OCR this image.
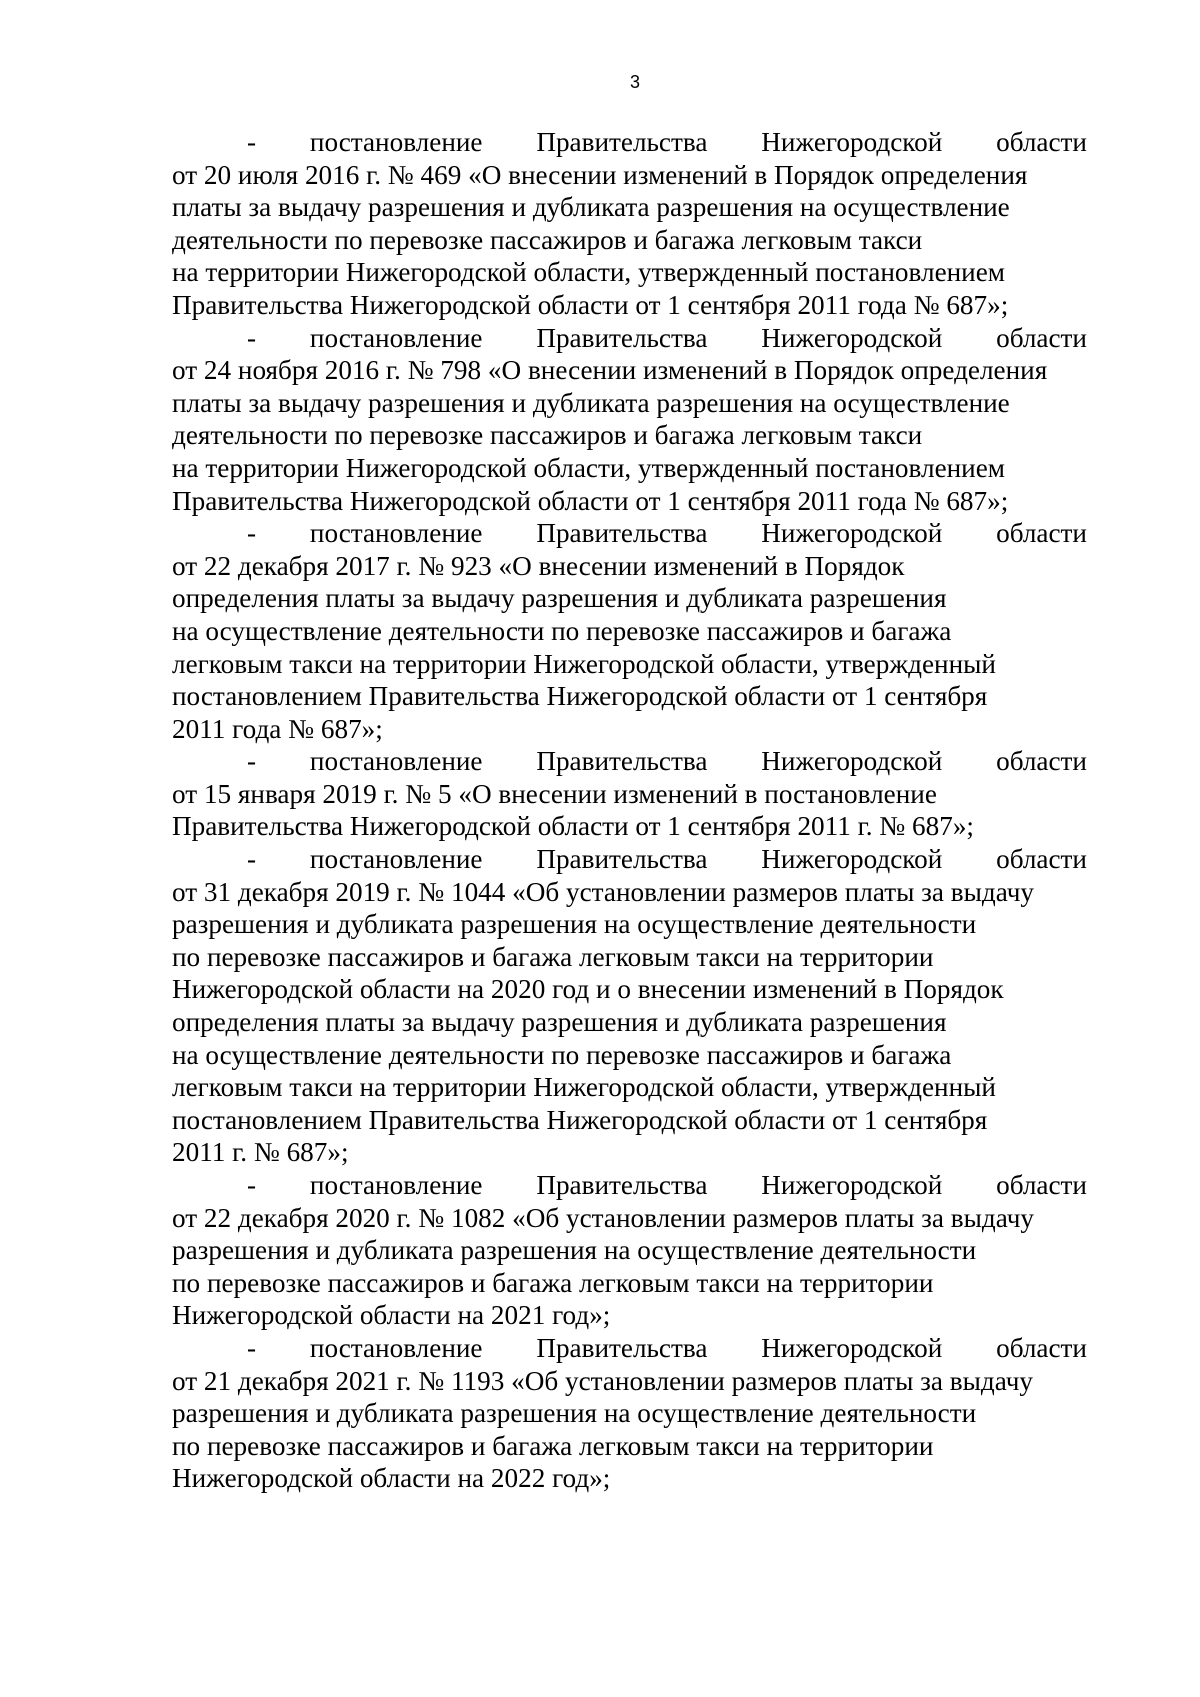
3
- постановление Правительства Нижегородской области
от 20 июля 2016 г. № 469 «О внесении изменений в Порядок определения
платы за выдачу разрешения и дубликата разрешения на осуществление
деятельности по перевозке пассажиров и багажа легковым такси
на территории Нижегородской области, утвержденный постановлением
Правительства Нижегородской области от 1 сентября 2011 года № 687»;
- постановление Правительства Нижегородской области
от 24 ноября 2016 г. № 798 «О внесении изменений в Порядок определения
платы за выдачу разрешения и дубликата разрешения на осуществление
деятельности по перевозке пассажиров и багажа легковым такси
на территории Нижегородской области, утвержденный постановлением
Правительства Нижегородской области от 1 сентября 2011 года № 687»;
- постановление Правительства Нижегородской области
от 22 декабря 2017 г. № 923 «О внесении изменений в Порядок
определения платы за выдачу разрешения и дубликата разрешения
на осуществление деятельности по перевозке пассажиров и багажа
легковым такси на территории Нижегородской области, утвержденный
постановлением Правительства Нижегородской области от 1 сентября
2011 года № 687»;
- постановление Правительства Нижегородской области
от 15 января 2019 г. № 5 «О внесении изменений в постановление
Правительства Нижегородской области от 1 сентября 2011 г. № 687»;
- постановление Правительства Нижегородской области
от 31 декабря 2019 г. № 1044 «Об установлении размеров платы за выдачу
разрешения и дубликата разрешения на осуществление деятельности
по перевозке пассажиров и багажа легковым такси на территории
Нижегородской области на 2020 год и о внесении изменений в Порядок
определения платы за выдачу разрешения и дубликата разрешения
на осуществление деятельности по перевозке пассажиров и багажа
легковым такси на территории Нижегородской области, утвержденный
постановлением Правительства Нижегородской области от 1 сентября
2011 г. № 687»;
- постановление Правительства Нижегородской области
от 22 декабря 2020 г. № 1082 «Об установлении размеров платы за выдачу
разрешения и дубликата разрешения на осуществление деятельности
по перевозке пассажиров и багажа легковым такси на территории
Нижегородской области на 2021 год»;
- постановление Правительства Нижегородской области
от 21 декабря 2021 г. № 1193 «Об установлении размеров платы за выдачу
разрешения и дубликата разрешения на осуществление деятельности
по перевозке пассажиров и багажа легковым такси на территории
Нижегородской области на 2022 год»;
